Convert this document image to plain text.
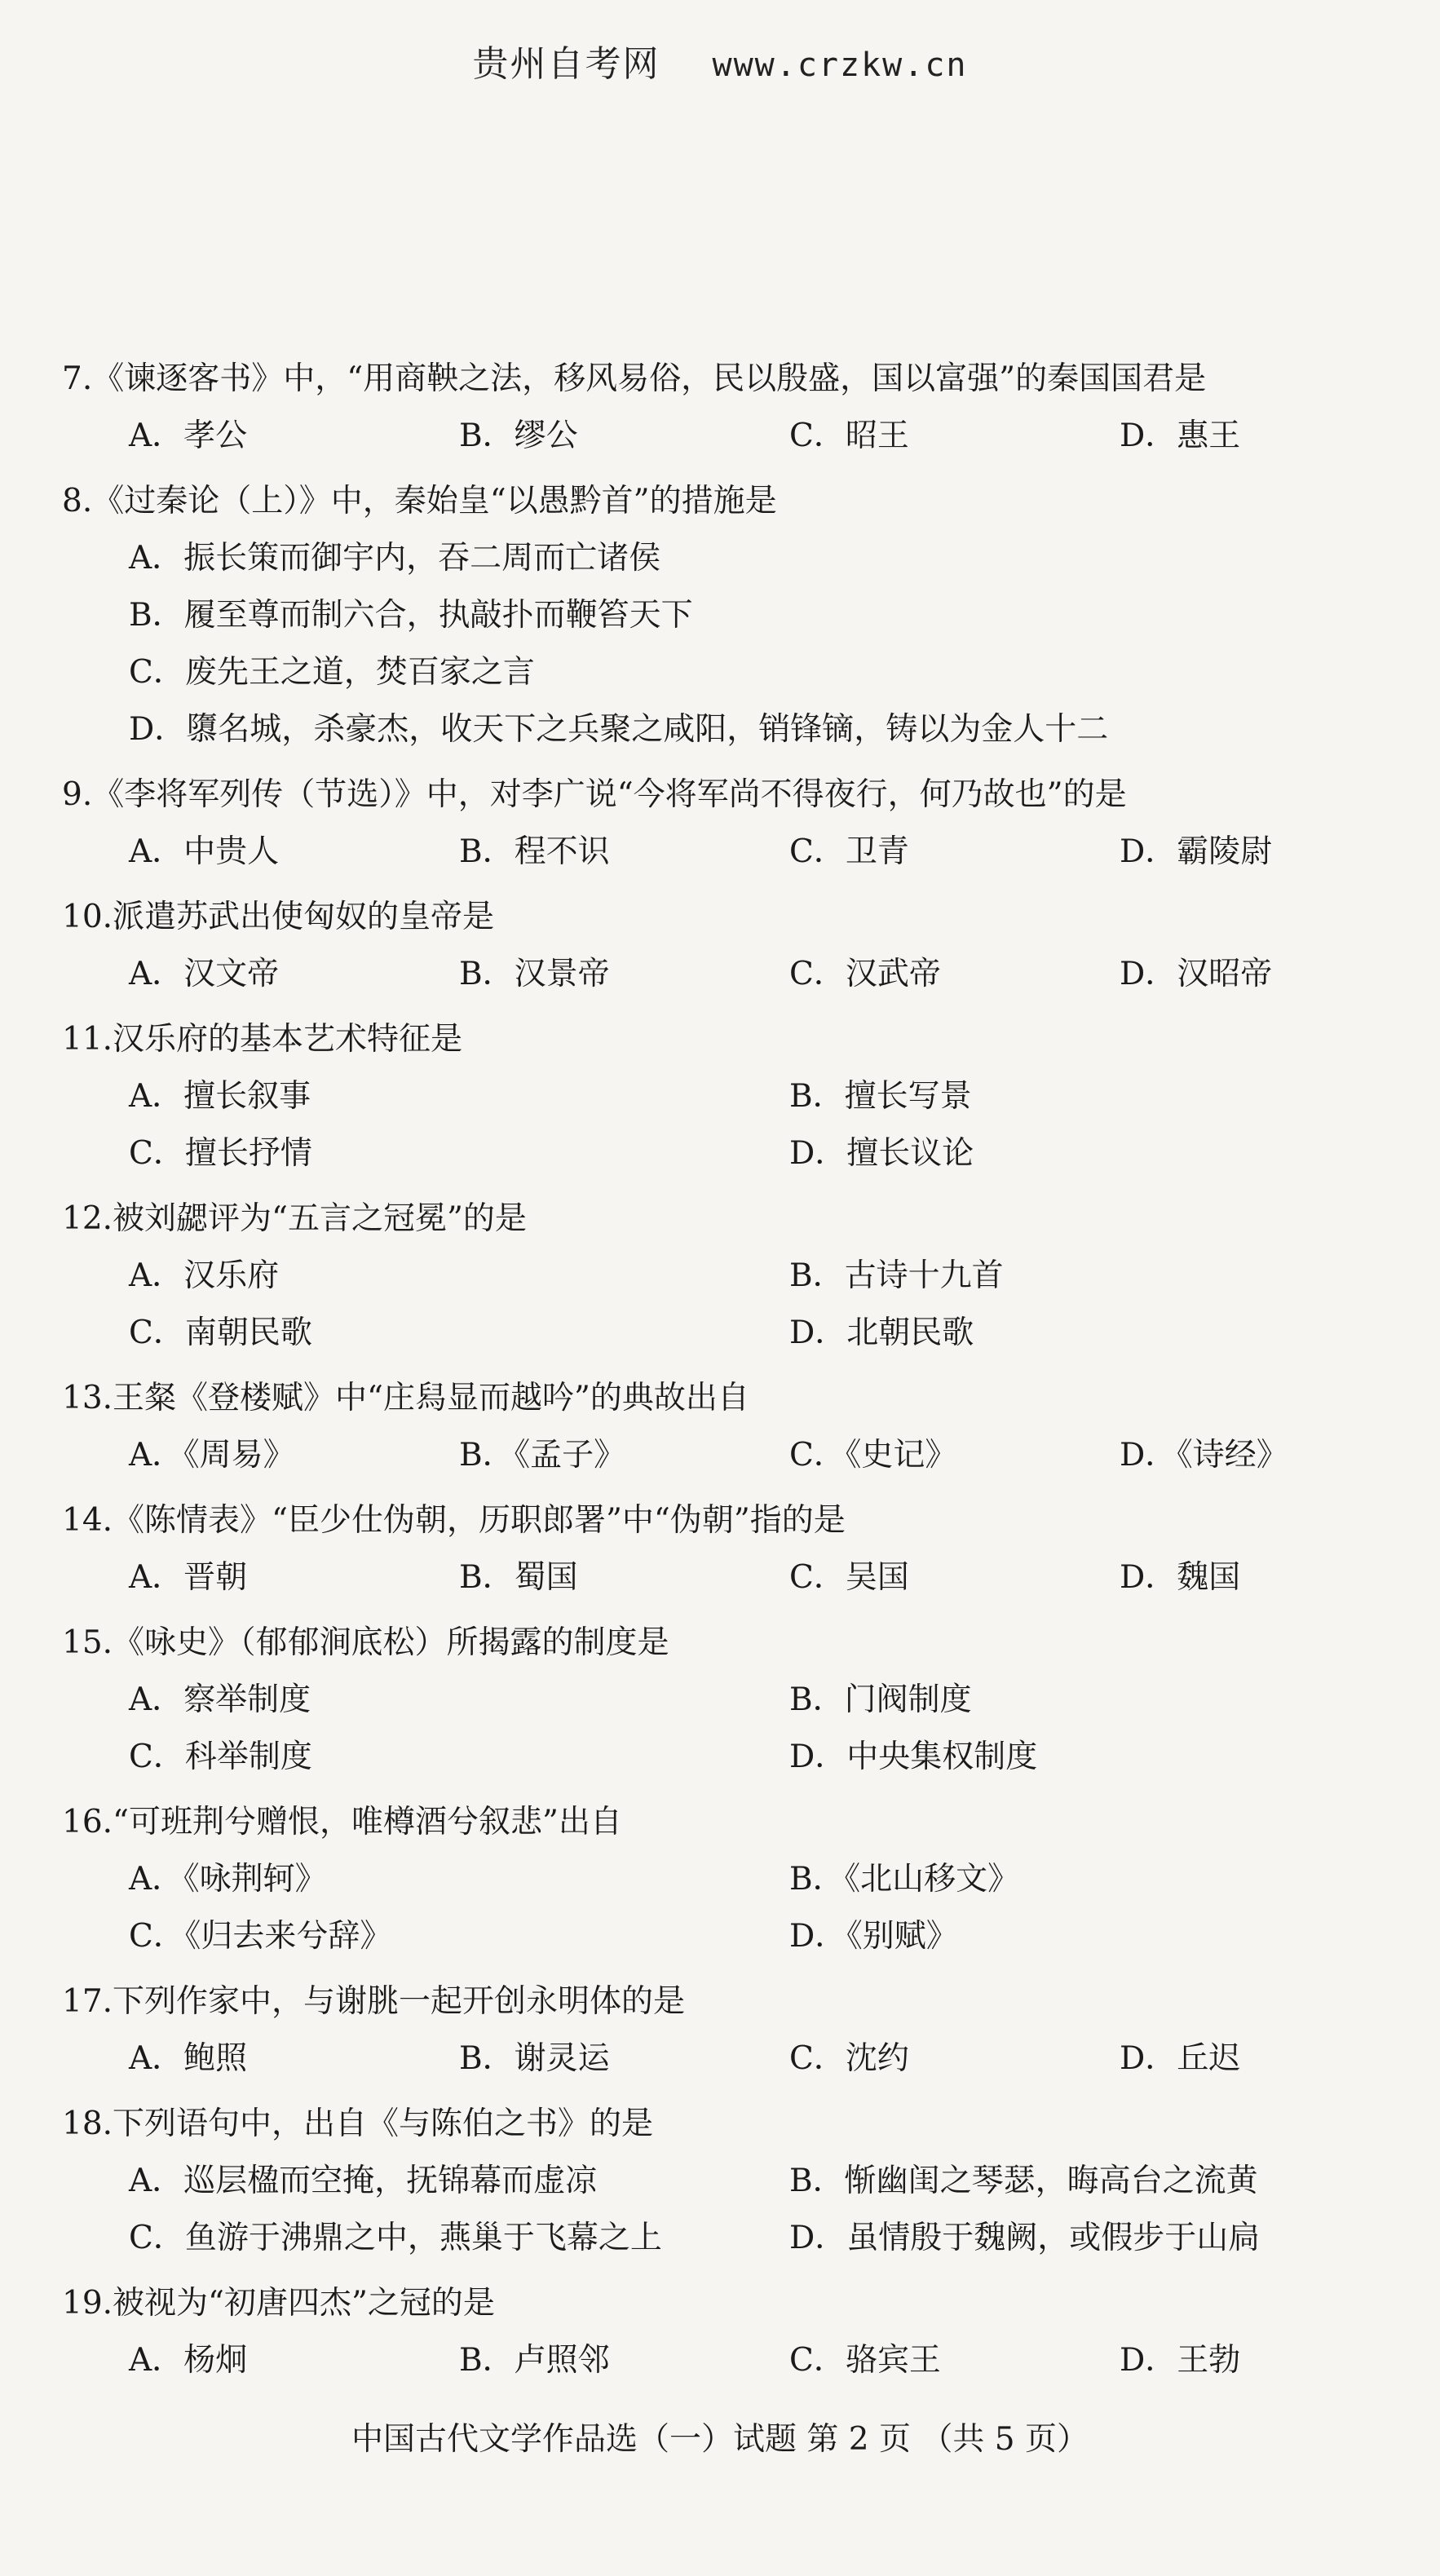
贵州自考网 www.crzkw.cn
7.《谏逐客书》中，“用商鞅之法，移风易俗，民以殷盛，国以富强”的秦国国君是
A．孝公	B．缪公	C．昭王	D．惠王
8.《过秦论（上）》中，秦始皇“以愚黔首”的措施是
A．振长策而御宇内，吞二周而亡诸侯
B．履至尊而制六合，执敲扑而鞭笞天下
C．废先王之道，焚百家之言
D．隳名城，杀豪杰，收天下之兵聚之咸阳，销锋镝，铸以为金人十二
9.《李将军列传（节选）》中，对李广说“今将军尚不得夜行，何乃故也”的是
A．中贵人	B．程不识	C．卫青	D．霸陵尉
10.派遣苏武出使匈奴的皇帝是
A．汉文帝	B．汉景帝	C．汉武帝	D．汉昭帝
11.汉乐府的基本艺术特征是
A．擅长叙事	B．擅长写景
C．擅长抒情	D．擅长议论
12.被刘勰评为“五言之冠冕”的是
A．汉乐府	B．古诗十九首
C．南朝民歌	D．北朝民歌
13.王粲《登楼赋》中“庄舄显而越吟”的典故出自
A．《周易》	B．《孟子》	C．《史记》	D．《诗经》
14.《陈情表》“臣少仕伪朝，历职郎署”中“伪朝”指的是
A．晋朝	B．蜀国	C．吴国	D．魏国
15.《咏史》（郁郁涧底松）所揭露的制度是
A．察举制度	B．门阀制度
C．科举制度	D．中央集权制度
16.“可班荆兮赠恨，唯樽酒兮叙悲”出自
A．《咏荆轲》	B．《北山移文》
C．《归去来兮辞》	D．《别赋》
17.下列作家中，与谢朓一起开创永明体的是
A．鲍照	B．谢灵运	C．沈约	D．丘迟
18.下列语句中，出自《与陈伯之书》的是
A．巡层楹而空掩，抚锦幕而虚凉	B．惭幽闺之琴瑟，晦高台之流黄
C．鱼游于沸鼎之中，燕巢于飞幕之上	D．虽情殷于魏阙，或假步于山扃
19.被视为“初唐四杰”之冠的是
A．杨炯	B．卢照邻	C．骆宾王	D．王勃
中国古代文学作品选（一）试题 第 2 页 （共 5 页）
